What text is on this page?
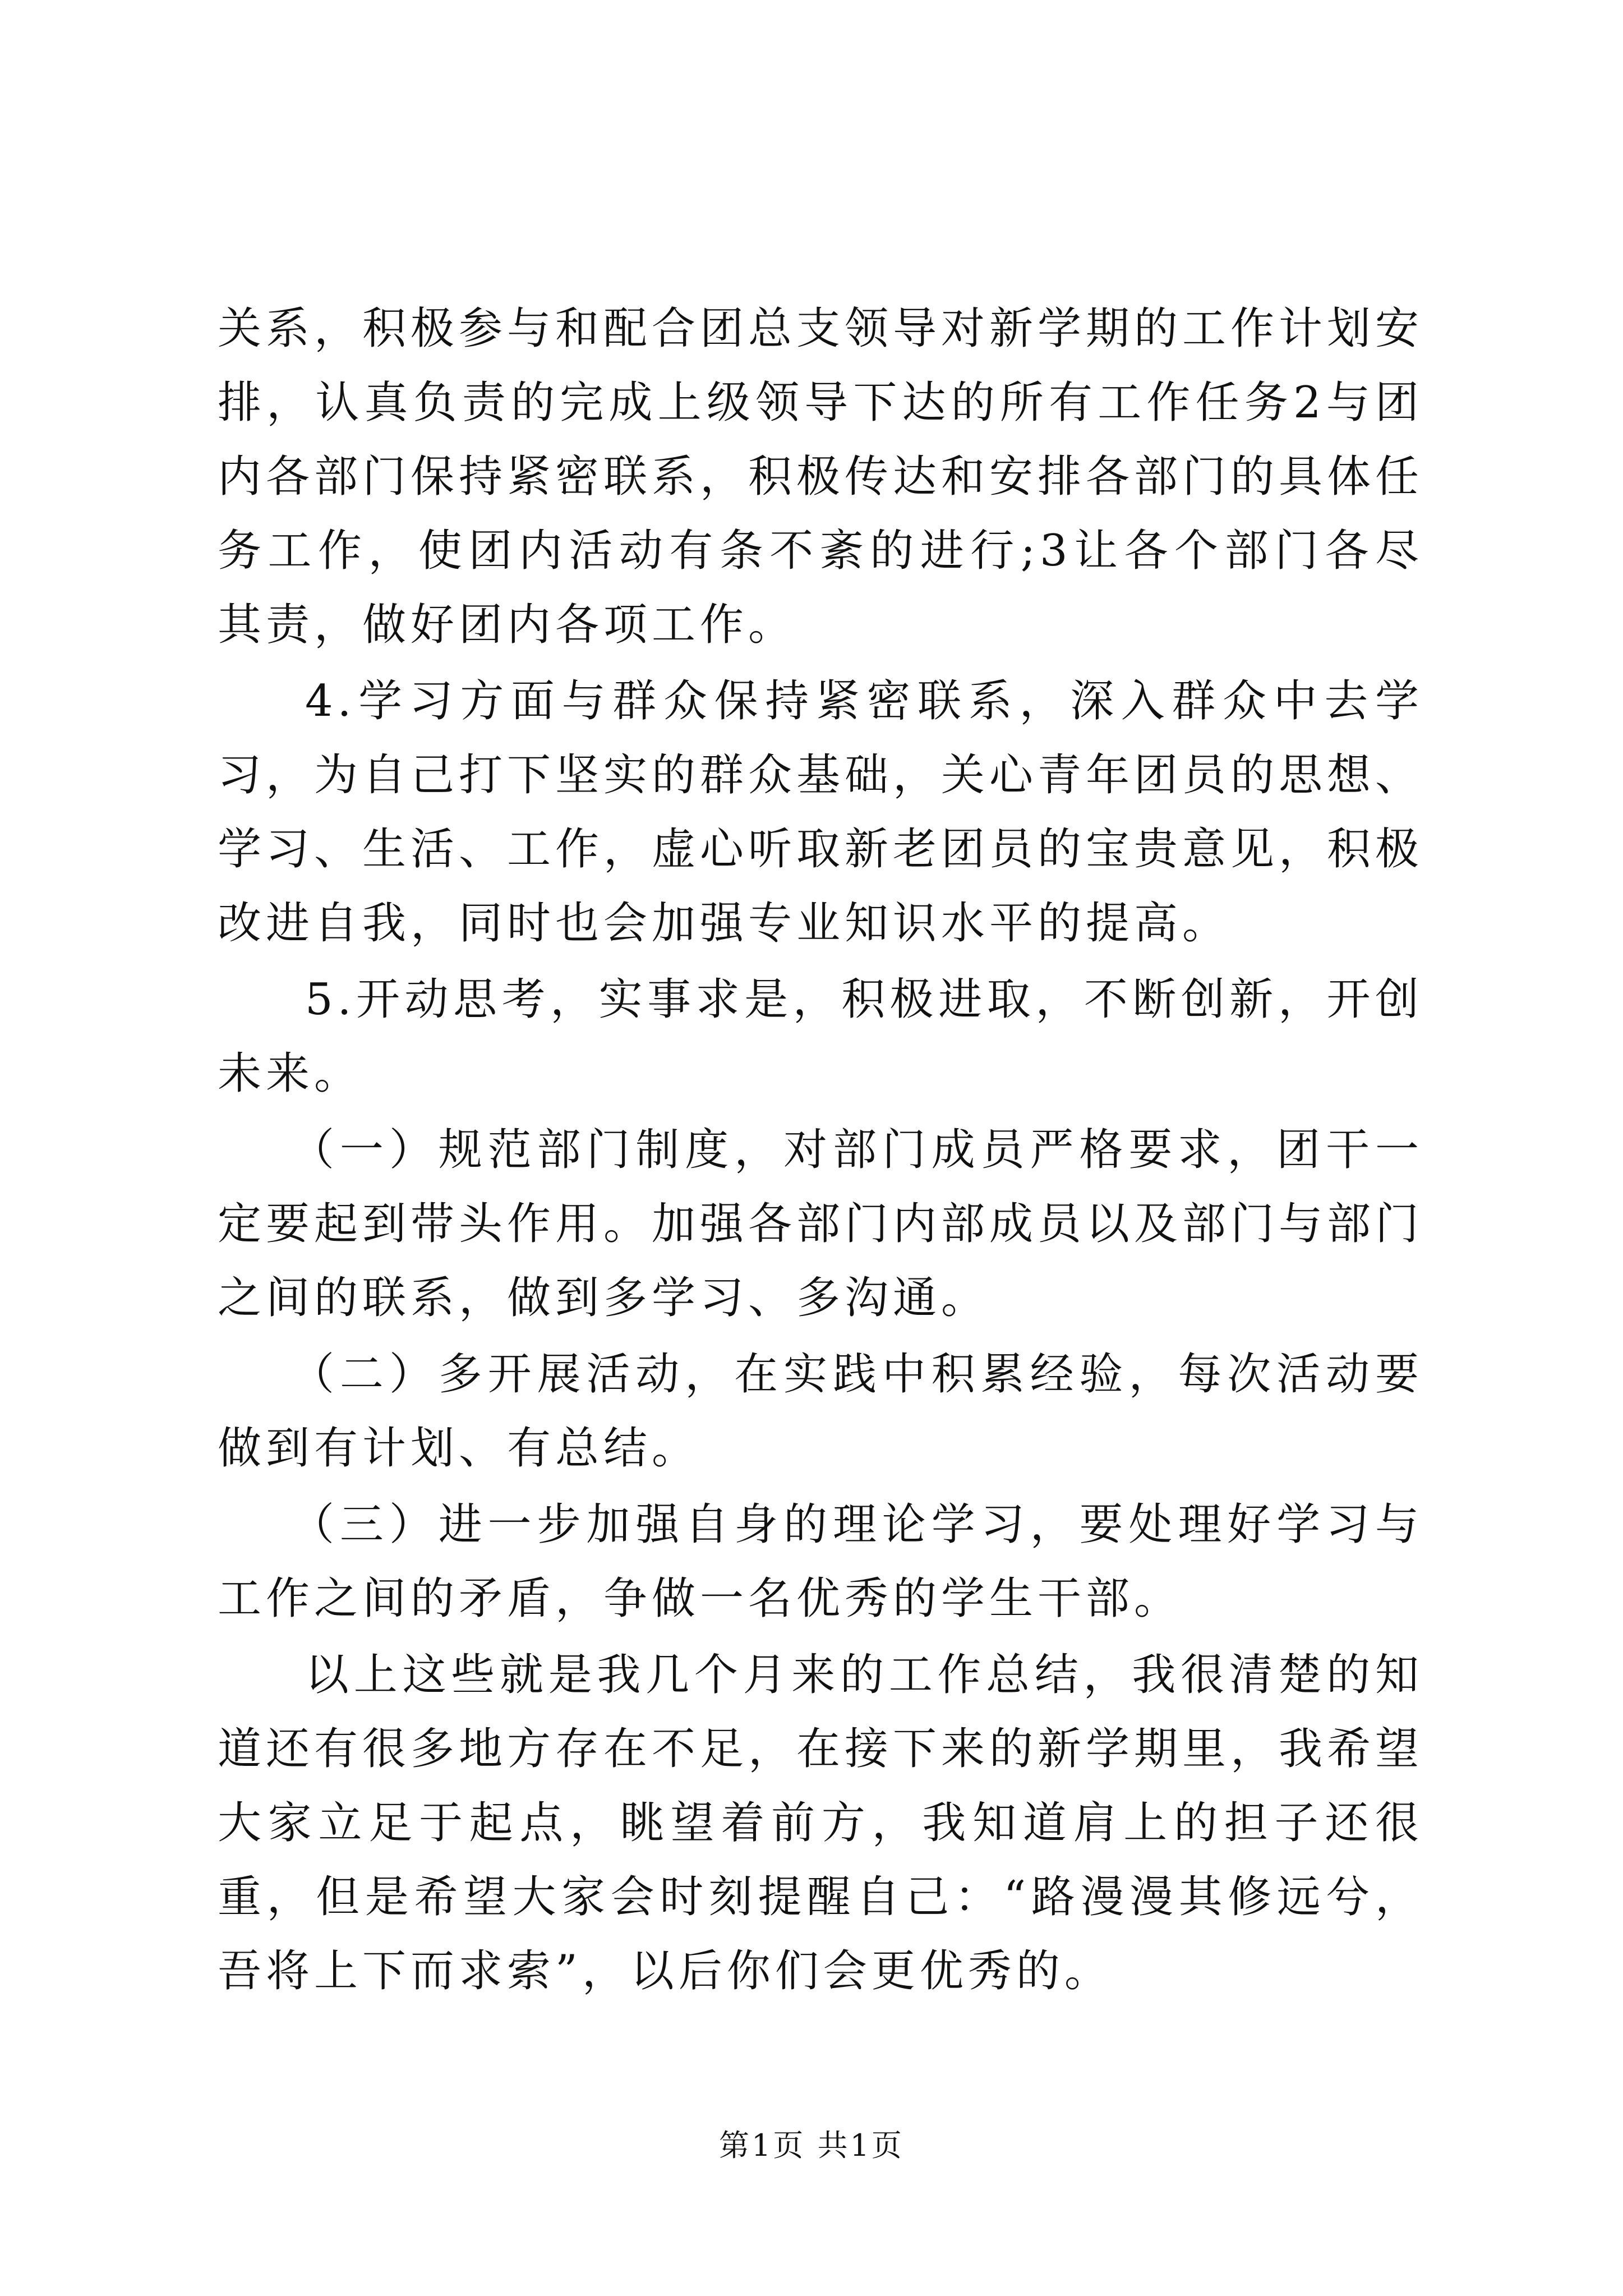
关系，积极参与和配合团总支领导对新学期的工作计划安排，认真负责的完成上级领导下达的所有工作任务2与团内各部门保持紧密联系，积极传达和安排各部门的具体任务工作，使团内活动有条不紊的进行;3让各个部门各尽其责，做好团内各项工作。

4.学习方面与群众保持紧密联系，深入群众中去学习，为自己打下坚实的群众基础，关心青年团员的思想、学习、生活、工作，虚心听取新老团员的宝贵意见，积极改进自我，同时也会加强专业知识水平的提高。

5.开动思考，实事求是，积极进取，不断创新，开创未来。

（一）规范部门制度，对部门成员严格要求，团干一定要起到带头作用。加强各部门内部成员以及部门与部门之间的联系，做到多学习、多沟通。

（二）多开展活动，在实践中积累经验，每次活动要做到有计划、有总结。

（三）进一步加强自身的理论学习，要处理好学习与工作之间的矛盾，争做一名优秀的学生干部。

以上这些就是我几个月来的工作总结，我很清楚的知道还有很多地方存在不足，在接下来的新学期里，我希望大家立足于起点，眺望着前方，我知道肩上的担子还很重，但是希望大家会时刻提醒自己：“路漫漫其修远兮，吾将上下而求索”，以后你们会更优秀的。

第1页 共1页
